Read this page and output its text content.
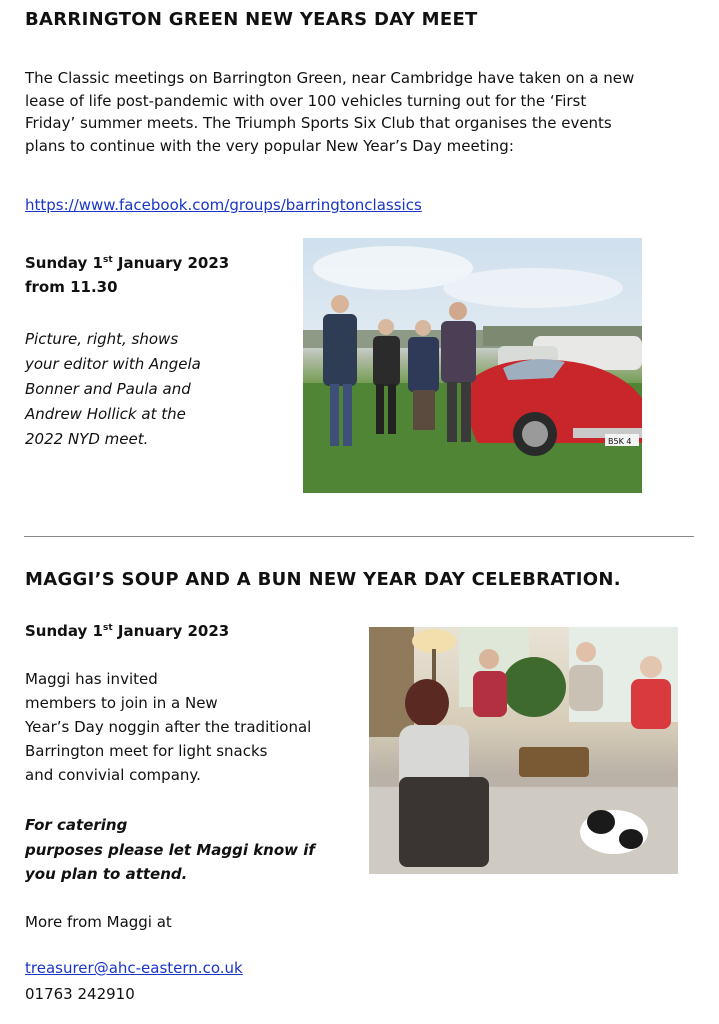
BARRINGTON GREEN NEW YEARS DAY MEET
The Classic meetings on Barrington Green, near Cambridge have taken on a new
lease of life post-pandemic with over 100 vehicles turning out for the ‘First
Friday’ summer meets. The Triumph Sports Six Club that organises the events
plans to continue with the very popular New Year’s Day meeting:
https://www.facebook.com/groups/barringtonclassics
Sunday 1st January 2023
from 11.30
Picture, right, shows
your editor with Angela
Bonner and Paula and
Andrew Hollick at the
2022 NYD meet.	B5K 4
MAGGI’S SOUP AND A BUN NEW YEAR DAY CELEBRATION.
Sunday 1st January 2023
Maggi has invited
members to join in a New
Year’s Day noggin after the traditional
Barrington meet for light snacks
and convivial company.
For catering
purposes please let Maggi know if
you plan to attend.
More from Maggi at
treasurer@ahc-eastern.co.uk
01763 242910
